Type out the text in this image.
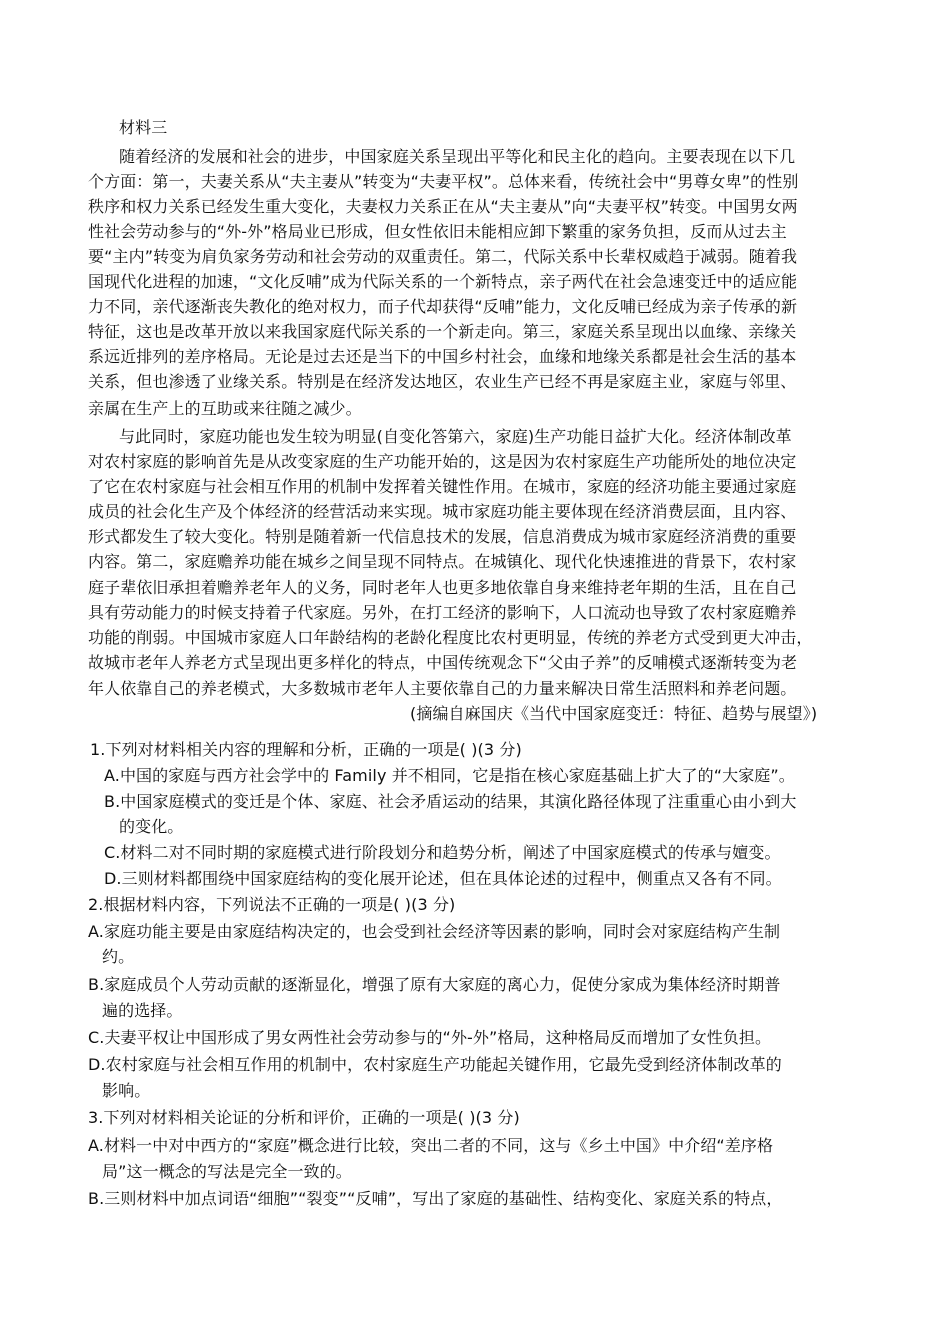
材料三
随着经济的发展和社会的进步，中国家庭关系呈现出平等化和民主化的趋向。主要表现在以下几
个方面：第一，夫妻关系从“夫主妻从”转变为“夫妻平权”。总体来看，传统社会中“男尊女卑”的性别
秩序和权力关系已经发生重大变化，夫妻权力关系正在从“夫主妻从”向“夫妻平权”转变。中国男女两
性社会劳动参与的“外-外”格局业已形成，但女性依旧未能相应卸下繁重的家务负担，反而从过去主
要“主内”转变为肩负家务劳动和社会劳动的双重责任。第二，代际关系中长辈权威趋于减弱。随着我
国现代化进程的加速，“文化反哺”成为代际关系的一个新特点，亲子两代在社会急速变迁中的适应能
力不同，亲代逐渐丧失教化的绝对权力，而子代却获得“反哺”能力，文化反哺已经成为亲子传承的新
特征，这也是改革开放以来我国家庭代际关系的一个新走向。第三，家庭关系呈现出以血缘、亲缘关
系远近排列的差序格局。无论是过去还是当下的中国乡村社会，血缘和地缘关系都是社会生活的基本
关系，但也渗透了业缘关系。特别是在经济发达地区，农业生产已经不再是家庭主业，家庭与邻里、
亲属在生产上的互助或来往随之减少。
与此同时，家庭功能也发生较为明显(自变化答第六，家庭)生产功能日益扩大化。经济体制改革
对农村家庭的影响首先是从改变家庭的生产功能开始的，这是因为农村家庭生产功能所处的地位决定
了它在农村家庭与社会相互作用的机制中发挥着关键性作用。在城市，家庭的经济功能主要通过家庭
成员的社会化生产及个体经济的经营活动来实现。城市家庭功能主要体现在经济消费层面，且内容、
形式都发生了较大变化。特别是随着新一代信息技术的发展，信息消费成为城市家庭经济消费的重要
内容。第二，家庭赡养功能在城乡之间呈现不同特点。在城镇化、现代化快速推进的背景下，农村家
庭子辈依旧承担着赡养老年人的义务，同时老年人也更多地依靠自身来维持老年期的生活，且在自己
具有劳动能力的时候支持着子代家庭。另外，在打工经济的影响下，人口流动也导致了农村家庭赡养
功能的削弱。中国城市家庭人口年龄结构的老龄化程度比农村更明显，传统的养老方式受到更大冲击，
故城市老年人养老方式呈现出更多样化的特点，中国传统观念下“父由子养”的反哺模式逐渐转变为老
年人依靠自己的养老模式，大多数城市老年人主要依靠自己的力量来解决日常生活照料和养老问题。
(摘编自麻国庆《当代中国家庭变迁：特征、趋势与展望》)
1.下列对材料相关内容的理解和分析，正确的一项是( )(3 分)
A.中国的家庭与西方社会学中的 Family 并不相同，它是指在核心家庭基础上扩大了的“大家庭”。
B.中国家庭模式的变迁是个体、家庭、社会矛盾运动的结果，其演化路径体现了注重重心由小到大
的变化。
C.材料二对不同时期的家庭模式进行阶段划分和趋势分析，阐述了中国家庭模式的传承与嬗变。
D.三则材料都围绕中国家庭结构的变化展开论述，但在具体论述的过程中，侧重点又各有不同。
2.根据材料内容，下列说法不正确的一项是( )(3 分)
A.家庭功能主要是由家庭结构决定的，也会受到社会经济等因素的影响，同时会对家庭结构产生制
约。
B.家庭成员个人劳动贡献的逐渐显化，增强了原有大家庭的离心力，促使分家成为集体经济时期普
遍的选择。
C.夫妻平权让中国形成了男女两性社会劳动参与的“外-外”格局，这种格局反而增加了女性负担。
D.农村家庭与社会相互作用的机制中，农村家庭生产功能起关键作用，它最先受到经济体制改革的
影响。
3.下列对材料相关论证的分析和评价，正确的一项是( )(3 分)
A.材料一中对中西方的“家庭”概念进行比较，突出二者的不同，这与《乡土中国》中介绍“差序格
局”这一概念的写法是完全一致的。
B.三则材料中加点词语“细胞”“裂变”“反哺”，写出了家庭的基础性、结构变化、家庭关系的特点，
